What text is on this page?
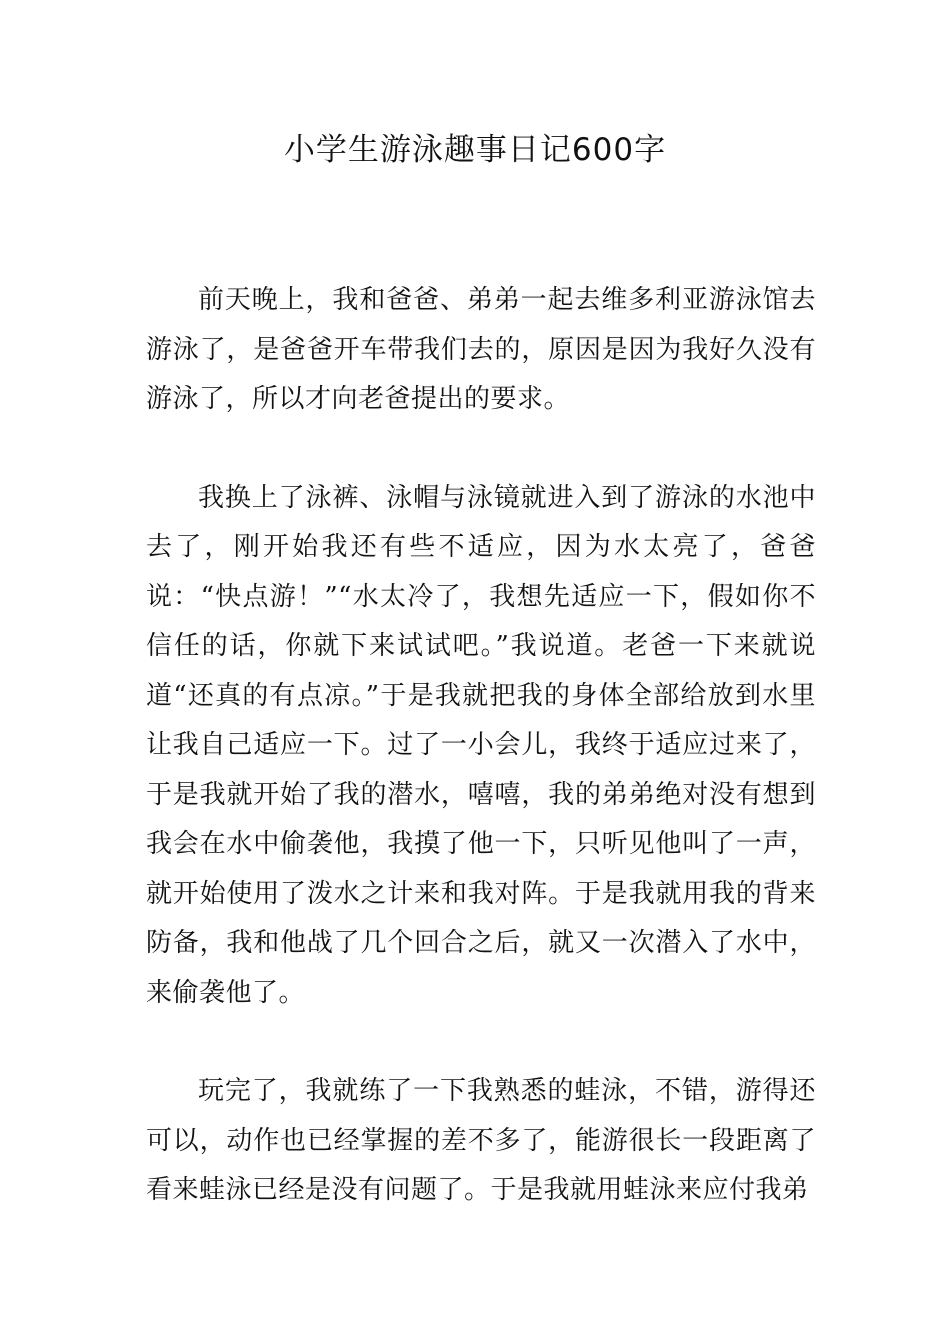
小学生游泳趣事日记600字

前天晚上，我和爸爸、弟弟一起去维多利亚游泳馆去游泳了，是爸爸开车带我们去的，原因是因为我好久没有游泳了，所以才向老爸提出的要求。

我换上了泳裤、泳帽与泳镜就进入到了游泳的水池中去了，刚开始我还有些不适应，因为水太亮了，爸爸说：“快点游！”“水太冷了，我想先适应一下，假如你不信任的话，你就下来试试吧。”我说道。老爸一下来就说道“还真的有点凉。”于是我就把我的身体全部给放到水里让我自己适应一下。过了一小会儿，我终于适应过来了，于是我就开始了我的潜水，嘻嘻，我的弟弟绝对没有想到我会在水中偷袭他，我摸了他一下，只听见他叫了一声，就开始使用了泼水之计来和我对阵。于是我就用我的背来防备，我和他战了几个回合之后，就又一次潜入了水中，来偷袭他了。

玩完了，我就练了一下我熟悉的蛙泳，不错，游得还可以，动作也已经掌握的差不多了，能游很长一段距离了看来蛙泳已经是没有问题了。于是我就用蛙泳来应付我弟
